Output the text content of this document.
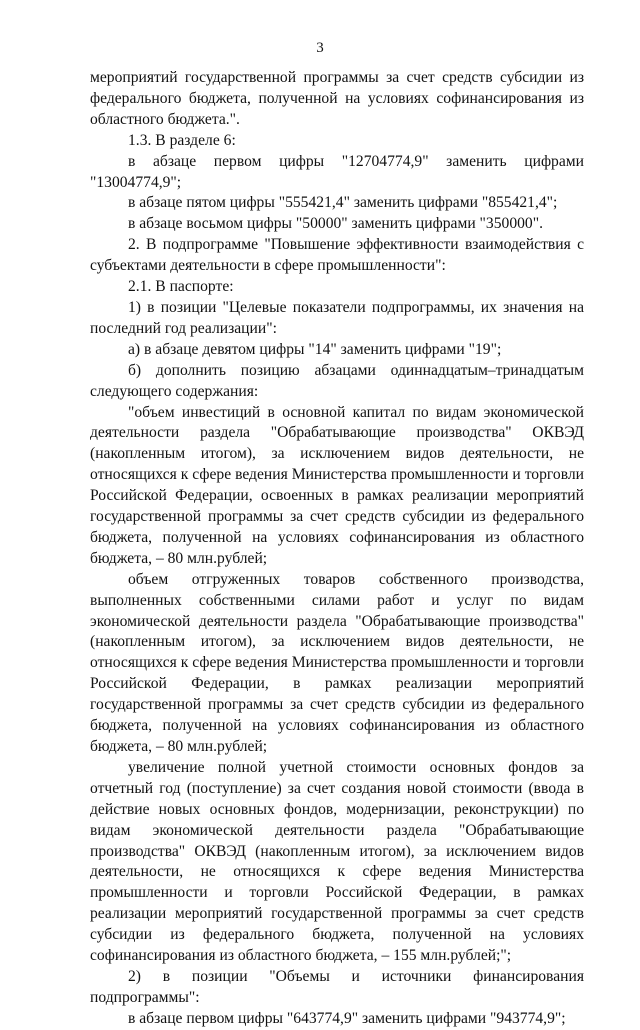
3

мероприятий государственной программы за счет средств субсидии из федерального бюджета, полученной на условиях софинансирования из областного бюджета.".

1.3. В разделе 6:

в абзаце первом цифры "12704774,9" заменить цифрами "13004774,9";

в абзаце пятом цифры "555421,4" заменить цифрами "855421,4";

в абзаце восьмом цифры "50000" заменить цифрами "350000".

2. В подпрограмме "Повышение эффективности взаимодействия с субъектами деятельности в сфере промышленности":

2.1. В паспорте:

1) в позиции "Целевые показатели подпрограммы, их значения на последний год реализации":

а) в абзаце девятом цифры "14" заменить цифрами "19";

б) дополнить позицию абзацами одиннадцатым–тринадцатым следующего содержания:

"объем инвестиций в основной капитал по видам экономической деятельности раздела "Обрабатывающие производства" ОКВЭД (накопленным итогом), за исключением видов деятельности, не относящихся к сфере ведения Министерства промышленности и торговли Российской Федерации, освоенных в рамках реализации мероприятий государственной программы за счет средств субсидии из федерального бюджета, полученной на условиях софинансирования из областного бюджета, – 80 млн.рублей;

объем отгруженных товаров собственного производства, выполненных собственными силами работ и услуг по видам экономической деятельности раздела "Обрабатывающие производства" (накопленным итогом), за исключением видов деятельности, не относящихся к сфере ведения Министерства промышленности и торговли Российской Федерации, в рамках реализации мероприятий государственной программы за счет средств субсидии из федерального бюджета, полученной на условиях софинансирования из областного бюджета, – 80 млн.рублей;

увеличение полной учетной стоимости основных фондов за отчетный год (поступление) за счет создания новой стоимости (ввода в действие новых основных фондов, модернизации, реконструкции) по видам экономической деятельности раздела "Обрабатывающие производства" ОКВЭД (накопленным итогом), за исключением видов деятельности, не относящихся к сфере ведения Министерства промышленности и торговли Российской Федерации, в рамках реализации мероприятий государственной программы за счет средств субсидии из федерального бюджета, полученной на условиях софинансирования из областного бюджета, – 155 млн.рублей;";

2) в позиции "Объемы и источники финансирования подпрограммы":

в абзаце первом цифры "643774,9" заменить цифрами "943774,9";
